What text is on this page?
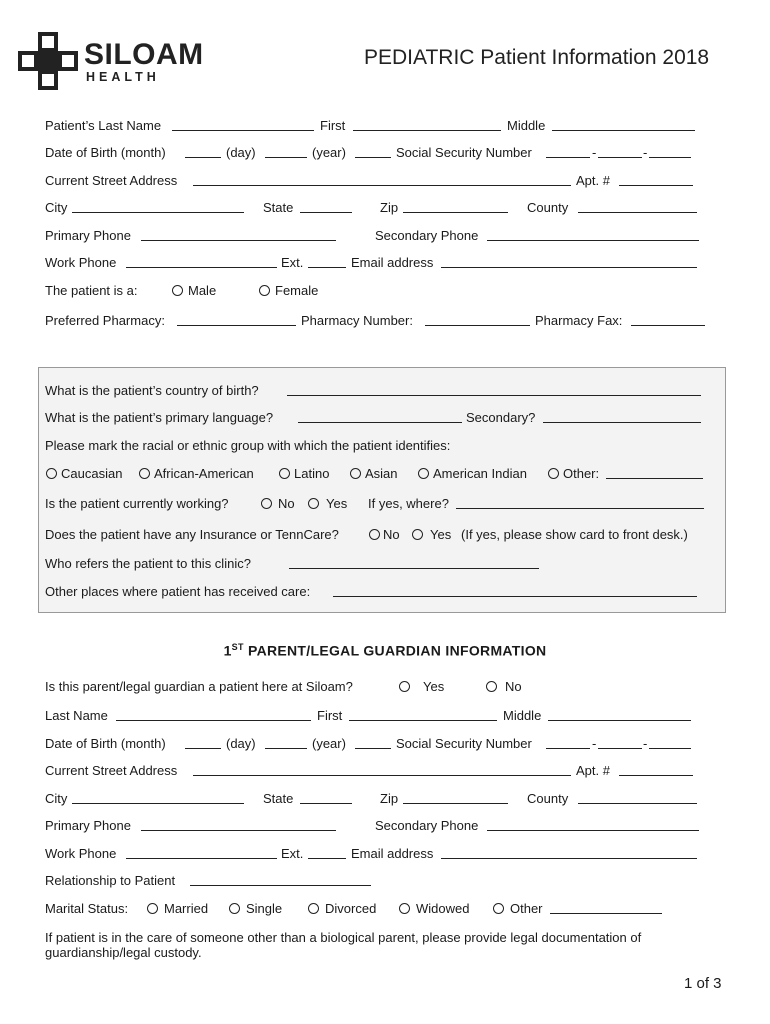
SILOAM
HEALTH
PEDIATRIC Patient Information 2018
Patient’s Last Name	First	Middle
Date of Birth (month)	(day)	(year)	Social Security Number	-	-
Current Street Address	Apt. #
City	State	Zip	County
Primary Phone	Secondary Phone
Work Phone	Ext.	Email address
The patient is a:	Male	Female
Preferred Pharmacy:	Pharmacy Number:	Pharmacy Fax:
What is the patient’s country of birth?
What is the patient’s primary language?	Secondary?
Please mark the racial or ethnic group with which the patient identifies:
Caucasian African-American	Latino	Asian	American Indian	Other:
Is the patient currently working?	No Yes If yes, where?
Does the patient have any Insurance or TennCare?	No Yes (If yes, please show card to front desk.)
Who refers the patient to this clinic?
Other places where patient has received care:
1ST PARENT/LEGAL GUARDIAN INFORMATION
Is this parent/legal guardian a patient here at Siloam?	Yes	No
Last Name	First	Middle
Date of Birth (month)	(day)	(year)	Social Security Number	-	-
Current Street Address	Apt. #
City	State	Zip	County
Primary Phone	Secondary Phone
Work Phone	Ext.	Email address
Relationship to Patient
Marital Status:	Married	Single	Divorced	Widowed	Other
If patient is in the care of someone other than a biological parent, please provide legal documentation of guardianship/legal custody.
1 of 3
